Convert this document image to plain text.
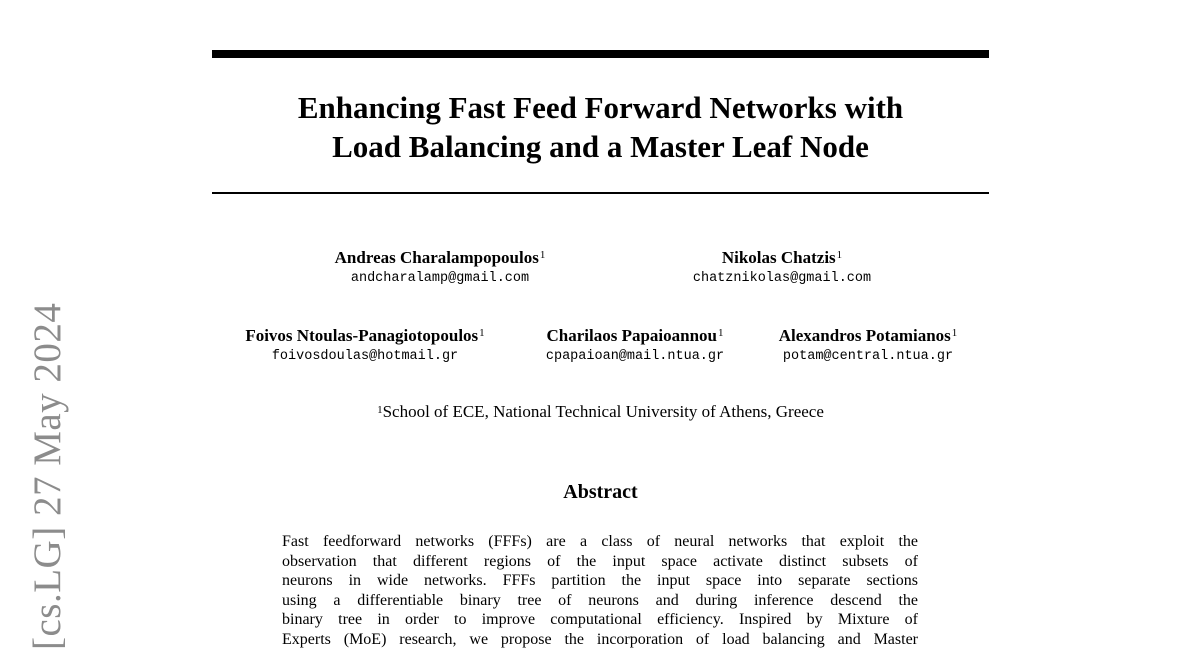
[cs.LG] 27 May 2024
Enhancing Fast Feed Forward Networks with
Load Balancing and a Master Leaf Node
Andreas Charalampopoulos$^1$
andcharalamp@gmail.com
Nikolas Chatzis$^1$
chatznikolas@gmail.com
Foivos Ntoulas-Panagiotopoulos$^1$
foivosdoulas@hotmail.gr
Charilaos Papaioannou$^1$
cpapaioan@mail.ntua.gr
Alexandros Potamianos$^1$
potam@central.ntua.gr
$^1$School of ECE, National Technical University of Athens, Greece
Abstract
Fast feedforward networks (FFFs) are a class of neural networks that exploit the
observation that different regions of the input space activate distinct subsets of
neurons in wide networks. FFFs partition the input space into separate sections
using a differentiable binary tree of neurons and during inference descend the
binary tree in order to improve computational efficiency. Inspired by Mixture of
Experts (MoE) research, we propose the incorporation of load balancing and Master
